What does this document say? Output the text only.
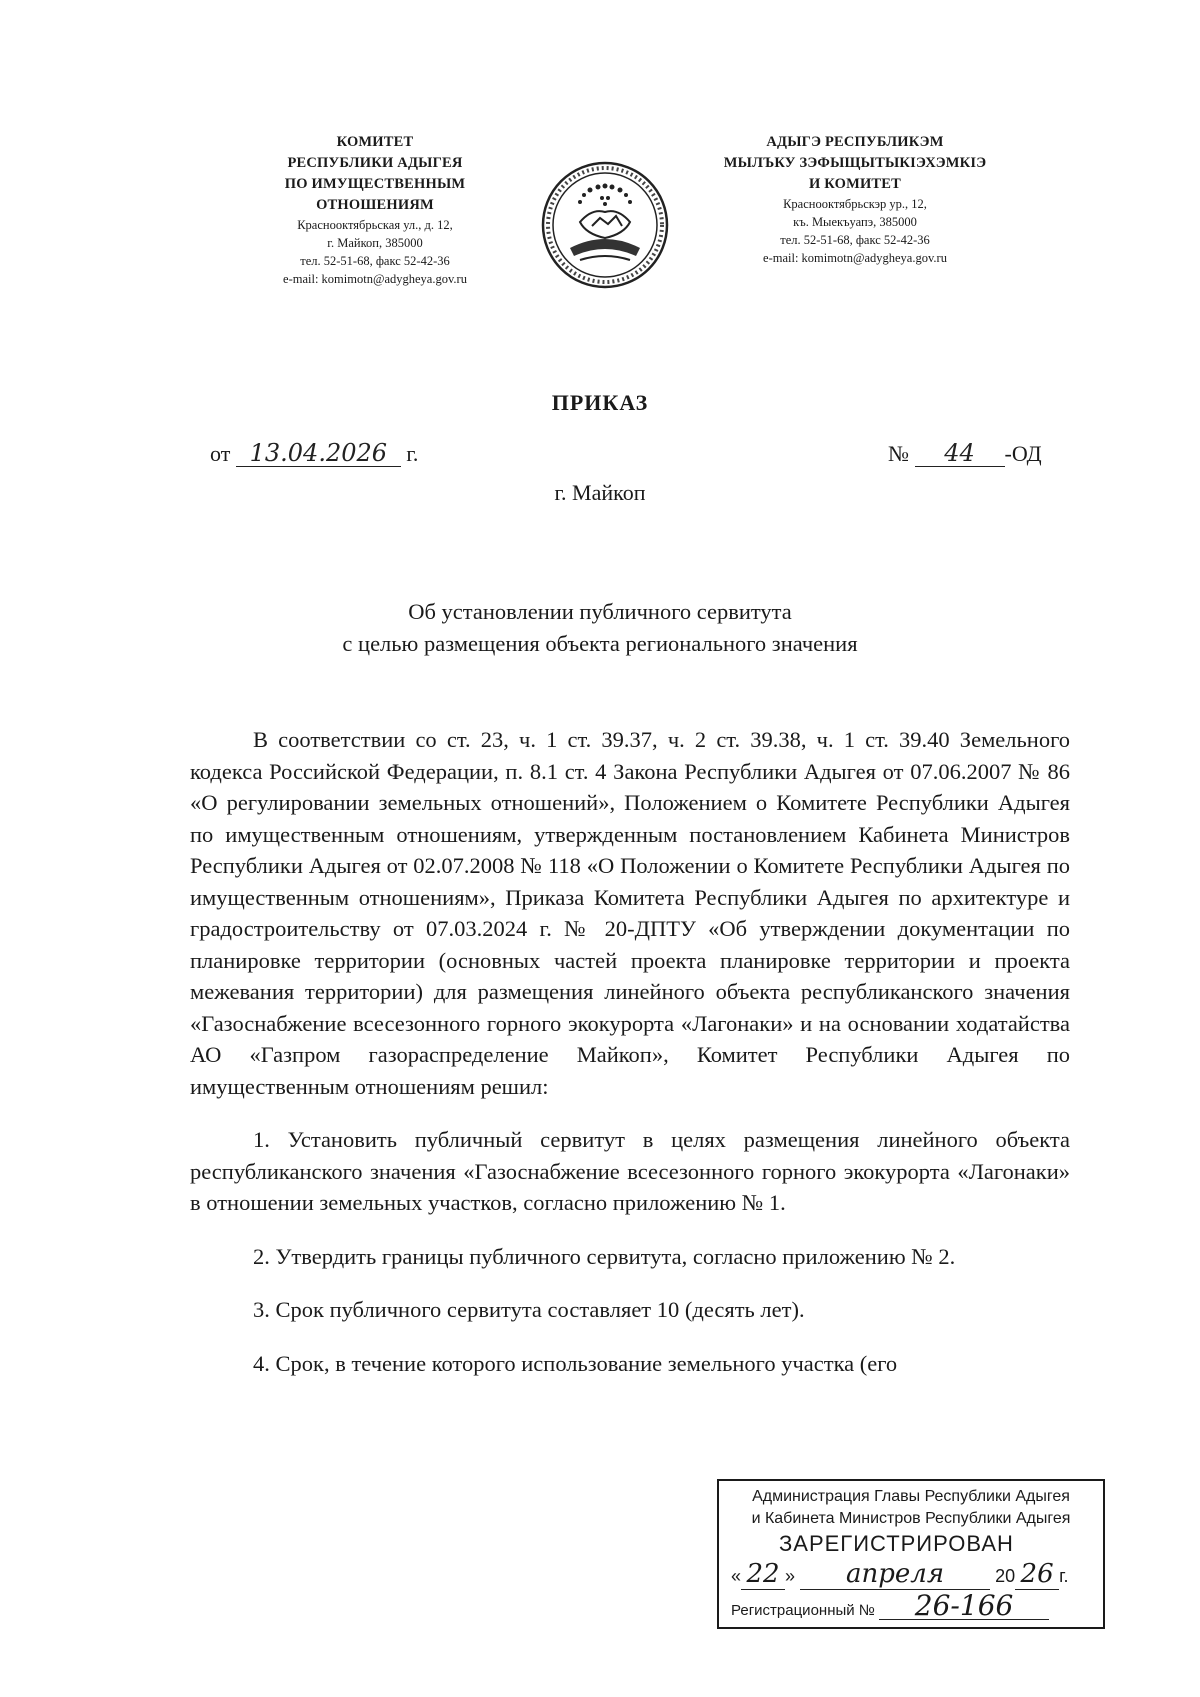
КОМИТЕТ
РЕСПУБЛИКИ АДЫГЕЯ
ПО ИМУЩЕСТВЕННЫМ
ОТНОШЕНИЯМ
Краснооктябрьская ул., д. 12,
г. Майкоп, 385000
тел. 52-51-68, факс 52-42-36
e-mail: komimotn@adygheya.gov.ru
АДЫГЭ РЕСПУБЛИКЭМ
МЫЛЪКУ ЗЭФЫЩЫТЫКIЭХЭМКIЭ
И КОМИТЕТ
Краснооктябрьскэр ур., 12,
къ. Мыекъуапэ, 385000
тел. 52-51-68, факс 52-42-36
e-mail: komimotn@adygheya.gov.ru
ПРИКАЗ
от 13.04.2026 г.	№ 44 -ОД
г. Майкоп
Об установлении публичного сервитута
с целью размещения объекта регионального значения

В соответствии со ст. 23, ч. 1 ст. 39.37, ч. 2 ст. 39.38, ч. 1 ст. 39.40 Земельного кодекса Российской Федерации, п. 8.1 ст. 4 Закона Республики Адыгея от 07.06.2007 № 86 «О регулировании земельных отношений», Положением о Комитете Республики Адыгея по имущественным отношениям, утвержденным постановлением Кабинета Министров Республики Адыгея от 02.07.2008 № 118 «О Положении о Комитете Республики Адыгея по имущественным отношениям», Приказа Комитета Республики Адыгея по архитектуре и градостроительству от 07.03.2024 г. № 20-ДПТУ «Об утверждении документации по планировке территории (основных частей проекта планировке территории и проекта межевания территории) для размещения линейного объекта республиканского значения «Газоснабжение всесезонного горного экокурорта «Лагонаки» и на основании ходатайства АО «Газпром газораспределение Майкоп», Комитет Республики Адыгея по имущественным отношениям решил:

1. Установить публичный сервитут в целях размещения линейного объекта республиканского значения «Газоснабжение всесезонного горного экокурорта «Лагонаки» в отношении земельных участков, согласно приложению № 1.

2. Утвердить границы публичного сервитута, согласно приложению № 2.

3. Срок публичного сервитута составляет 10 (десять лет).

4. Срок, в течение которого использование земельного участка (его

Администрация Главы Республики Адыгея
и Кабинета Министров Республики Адыгея
ЗАРЕГИСТРИРОВАН
« 22 » апреля	20 26 г.
Регистрационный № 26-166
